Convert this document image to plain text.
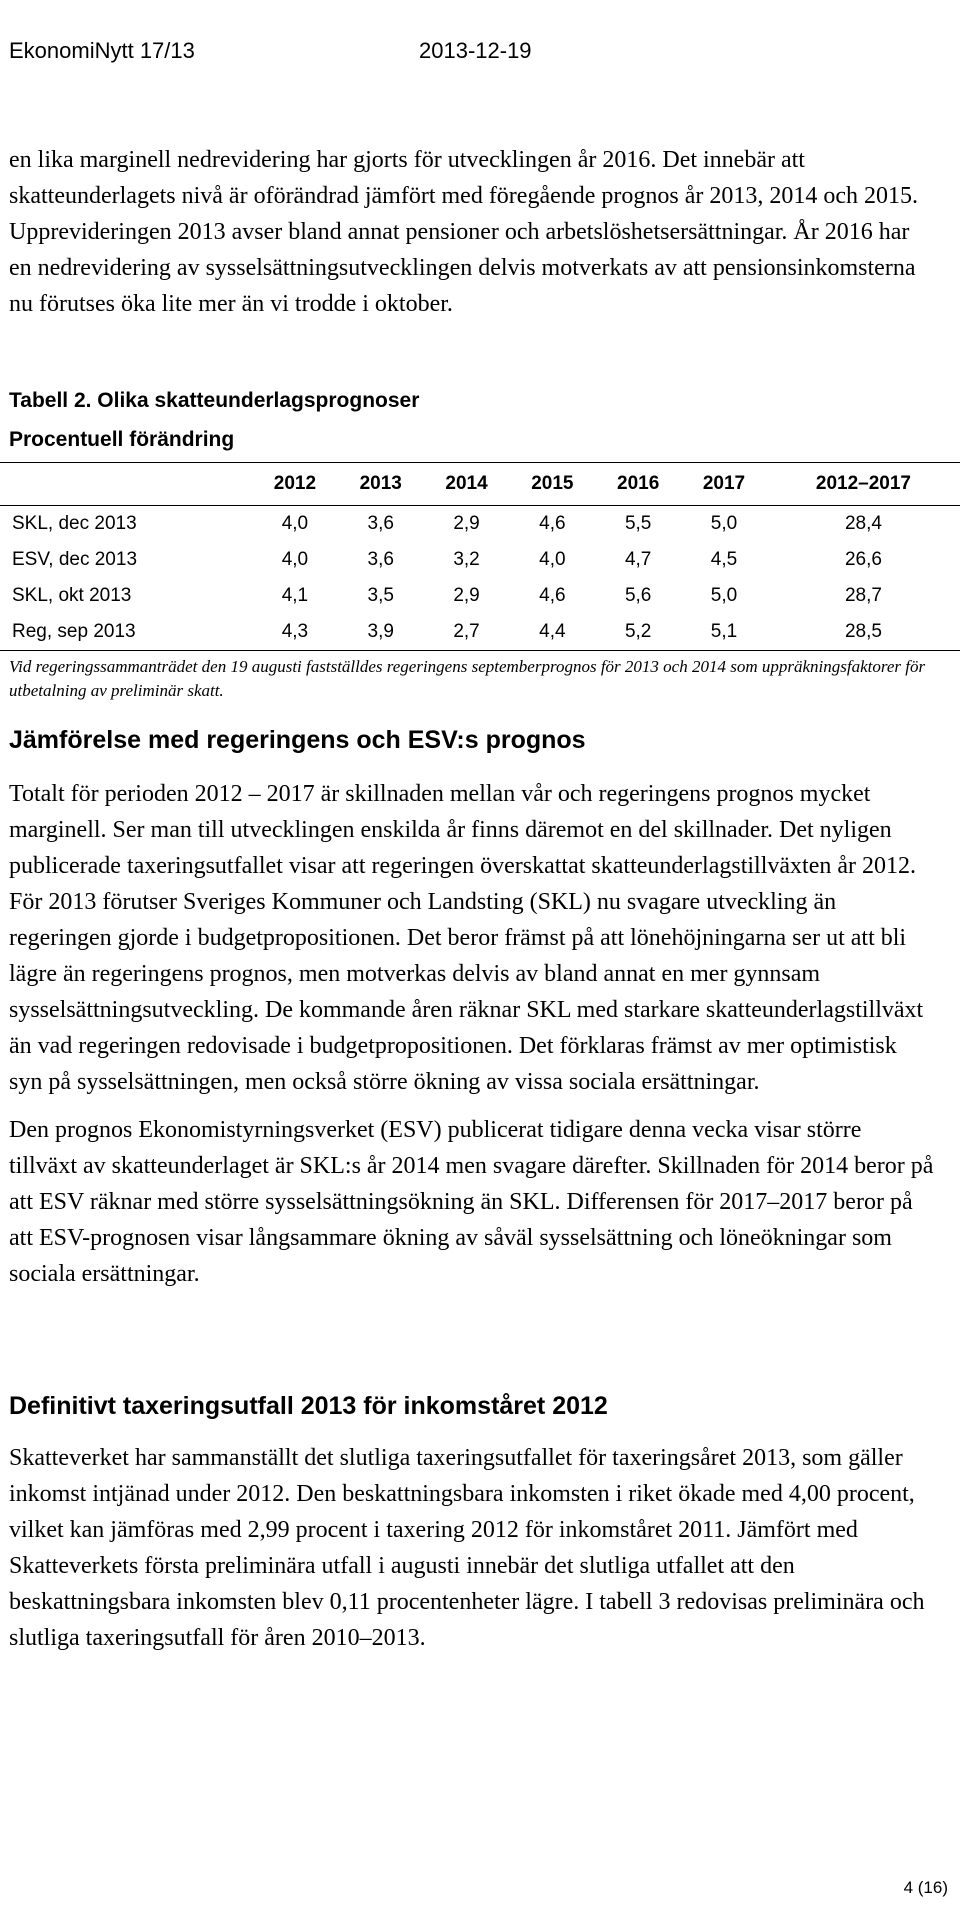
EkonomiNytt 17/13	2013-12-19

en lika marginell nedrevidering har gjorts för utvecklingen år 2016. Det innebär att skatteunderlagets nivå är oförändrad jämfört med föregående prognos år 2013, 2014 och 2015. Upprevideringen 2013 avser bland annat pensioner och arbetslöshetsersättningar. År 2016 har en nedrevidering av sysselsättningsutvecklingen delvis motverkats av att pensionsinkomsterna nu förutses öka lite mer än vi trodde i oktober.

Tabell 2. Olika skatteunderlagsprognoser
Procentuell förändring
	2012	2013	2014	2015	2016	2017	2012–2017
SKL, dec 2013	4,0	3,6	2,9	4,6	5,5	5,0	28,4
ESV, dec 2013	4,0	3,6	3,2	4,0	4,7	4,5	26,6
SKL, okt 2013	4,1	3,5	2,9	4,6	5,6	5,0	28,7
Reg, sep 2013	4,3	3,9	2,7	4,4	5,2	5,1	28,5
Vid regeringssammanträdet den 19 augusti fastställdes regeringens septemberprognos för 2013 och 2014 som uppräkningsfaktorer för utbetalning av preliminär skatt.
Jämförelse med regeringens och ESV:s prognos

Totalt för perioden 2012 – 2017 är skillnaden mellan vår och regeringens prognos mycket marginell. Ser man till utvecklingen enskilda år finns däremot en del skillnader. Det nyligen publicerade taxeringsutfallet visar att regeringen överskattat skatteunderlagstillväxten år 2012. För 2013 förutser Sveriges Kommuner och Landsting (SKL) nu svagare utveckling än regeringen gjorde i budgetpropositionen. Det beror främst på att lönehöjningarna ser ut att bli lägre än regeringens prognos, men motverkas delvis av bland annat en mer gynnsam sysselsättningsutveckling. De kommande åren räknar SKL med starkare skatteunderlagstillväxt än vad regeringen redovisade i budgetpropositionen. Det förklaras främst av mer optimistisk syn på sysselsättningen, men också större ökning av vissa sociala ersättningar.

Den prognos Ekonomistyrningsverket (ESV) publicerat tidigare denna vecka visar större tillväxt av skatteunderlaget är SKL:s år 2014 men svagare därefter. Skillnaden för 2014 beror på att ESV räknar med större sysselsättningsökning än SKL. Differensen för 2017–2017 beror på att ESV-prognosen visar långsammare ökning av såväl sysselsättning och löneökningar som sociala ersättningar.

Definitivt taxeringsutfall 2013 för inkomståret 2012

Skatteverket har sammanställt det slutliga taxeringsutfallet för taxeringsåret 2013, som gäller inkomst intjänad under 2012. Den beskattningsbara inkomsten i riket ökade med 4,00 procent, vilket kan jämföras med 2,99 procent i taxering 2012 för inkomståret 2011. Jämfört med Skatteverkets första preliminära utfall i augusti innebär det slutliga utfallet att den beskattningsbara inkomsten blev 0,11 procentenheter lägre. I tabell 3 redovisas preliminära och slutliga taxeringsutfall för åren 2010–2013.

4 (16)
